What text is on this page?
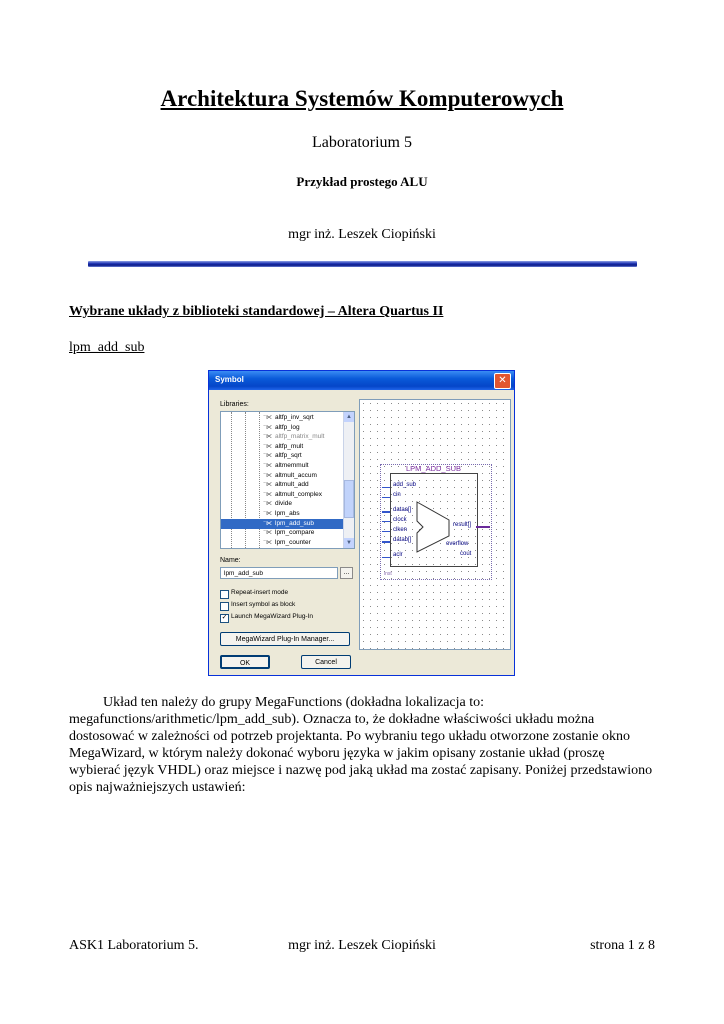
Architektura Systemów Komputerowych
Laboratorium 5
Przykład prostego ALU
mgr inż. Leszek Ciopiński
Wybrane układy z biblioteki standardowej – Altera Quartus II
lpm_add_sub
Symbol	✕
Libraries:
⁻⋉ altfp_inv_sqrt
⁻⋉ altfp_log
⁻⋉ altfp_matrix_mult
⁻⋉ altfp_mult
⁻⋉ altfp_sqrt
⁻⋉ altmemmult
⁻⋉ altmult_accum
⁻⋉ altmult_add
⁻⋉ altmult_complex
⁻⋉ divide
⁻⋉ lpm_abs
⁻⋉ lpm_add_sub
⁻⋉ lpm_compare
⁻⋉ lpm_counter
▲
▼
Name:
lpm_add_sub	...
Repeat-insert mode
Insert symbol as block
✓ Launch MegaWizard Plug-In
MegaWizard Plug-In Manager...
OK	Cancel
inst
LPM_ADD_SUB
add_sub
cin
dataa[]
clock
clken
datab[]
aclr
result[]
overflow
cout
Układ ten należy do grupy MegaFunctions (dokładna lokalizacja to: megafunctions/arithmetic/lpm_add_sub). Oznacza to, że dokładne właściwości układu można dostosować w zależności od potrzeb projektanta. Po wybraniu tego układu otworzone zostanie okno MegaWizard, w którym należy dokonać wyboru języka w jakim opisany zostanie układ (proszę wybierać język VHDL) oraz miejsce i nazwę pod jaką układ ma zostać zapisany. Poniżej przedstawiono opis najważniejszych ustawień:
ASK1 Laboratorium 5.	mgr inż. Leszek Ciopiński	strona 1 z 8
